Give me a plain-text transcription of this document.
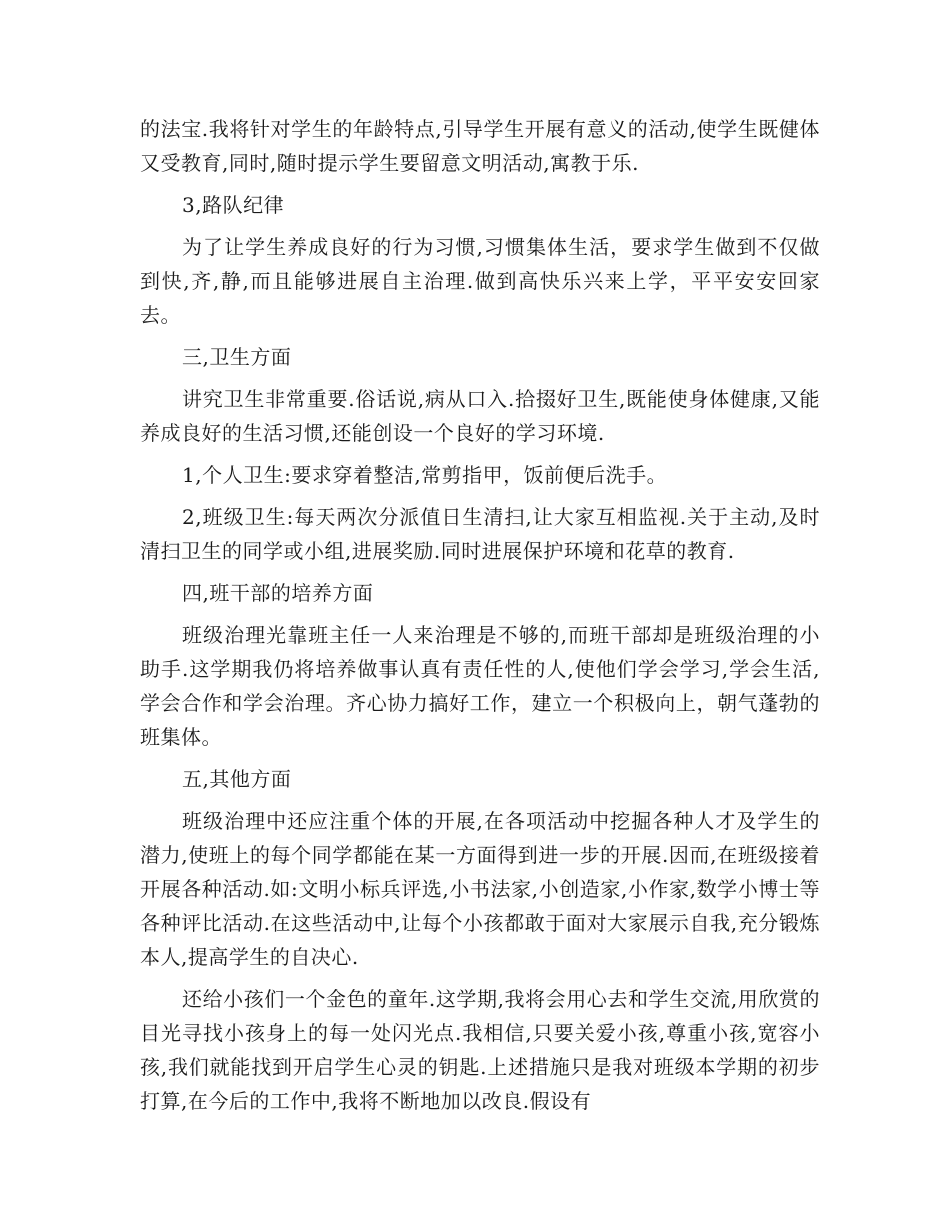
的法宝.我将针对学生的年龄特点,引导学生开展有意义的活动,使学生既健体又受教育,同时,随时提示学生要留意文明活动,寓教于乐.

3,路队纪律

为了让学生养成良好的行为习惯,习惯集体生活，要求学生做到不仅做到快,齐,静,而且能够进展自主治理.做到高快乐兴来上学，平平安安回家去。

三,卫生方面

讲究卫生非常重要.俗话说,病从口入.拾掇好卫生,既能使身体健康,又能养成良好的生活习惯,还能创设一个良好的学习环境.

1,个人卫生:要求穿着整洁,常剪指甲，饭前便后洗手。

2,班级卫生:每天两次分派值日生清扫,让大家互相监视.关于主动,及时清扫卫生的同学或小组,进展奖励.同时进展保护环境和花草的教育.

四,班干部的培养方面

班级治理光靠班主任一人来治理是不够的,而班干部却是班级治理的小助手.这学期我仍将培养做事认真有责任性的人,使他们学会学习,学会生活,学会合作和学会治理。齐心协力搞好工作，建立一个积极向上，朝气蓬勃的班集体。

五,其他方面

班级治理中还应注重个体的开展,在各项活动中挖掘各种人才及学生的潜力,使班上的每个同学都能在某一方面得到进一步的开展.因而,在班级接着开展各种活动.如:文明小标兵评选,小书法家,小创造家,小作家,数学小博士等各种评比活动.在这些活动中,让每个小孩都敢于面对大家展示自我,充分锻炼本人,提高学生的自决心.

还给小孩们一个金色的童年.这学期,我将会用心去和学生交流,用欣赏的目光寻找小孩身上的每一处闪光点.我相信,只要关爱小孩,尊重小孩,宽容小孩,我们就能找到开启学生心灵的钥匙.上述措施只是我对班级本学期的初步打算,在今后的工作中,我将不断地加以改良.假设有
